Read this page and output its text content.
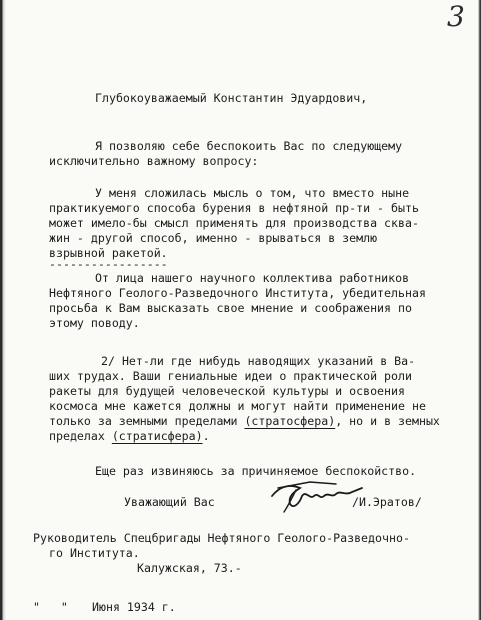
3
Глубокоуважаемый Константин Эдуардович,
Я позволяю себе беспокоить Вас по следующему
исключительно важному вопросу:
У меня сложилась мысль о том, что вместо ныне
практикуемого способа бурения в нефтяной пр-ти - быть
может имело-бы смысл применять для производства сква-
жин - другой способ, именно - врываться в землю
взрывной ракетой.
-----------------
От лица нашего научного коллектива работников
Нефтяного Геолого-Разведочного Института, убедительная
просьба к Вам высказать свое мнение и соображения по
этому поводу.
2/ Нет-ли где нибудь наводящих указаний в Ва-
ших трудах. Ваши гениальные идеи о практической роли
ракеты для будущей человеческой культуры и освоения
космоса мне кажется должны и могут найти применение не
только за земными пределами (стратосфера), но и в земных
пределах (стратисфера).
Еще раз извиняюсь за причиняемое беспокойство.
Уважающий Вас	/И.Эратов/
Руководитель Спецбригады Нефтяного Геолого-Разведочно-
го Института.
Калужская, 73.-
"   " Июня 1934 г.
